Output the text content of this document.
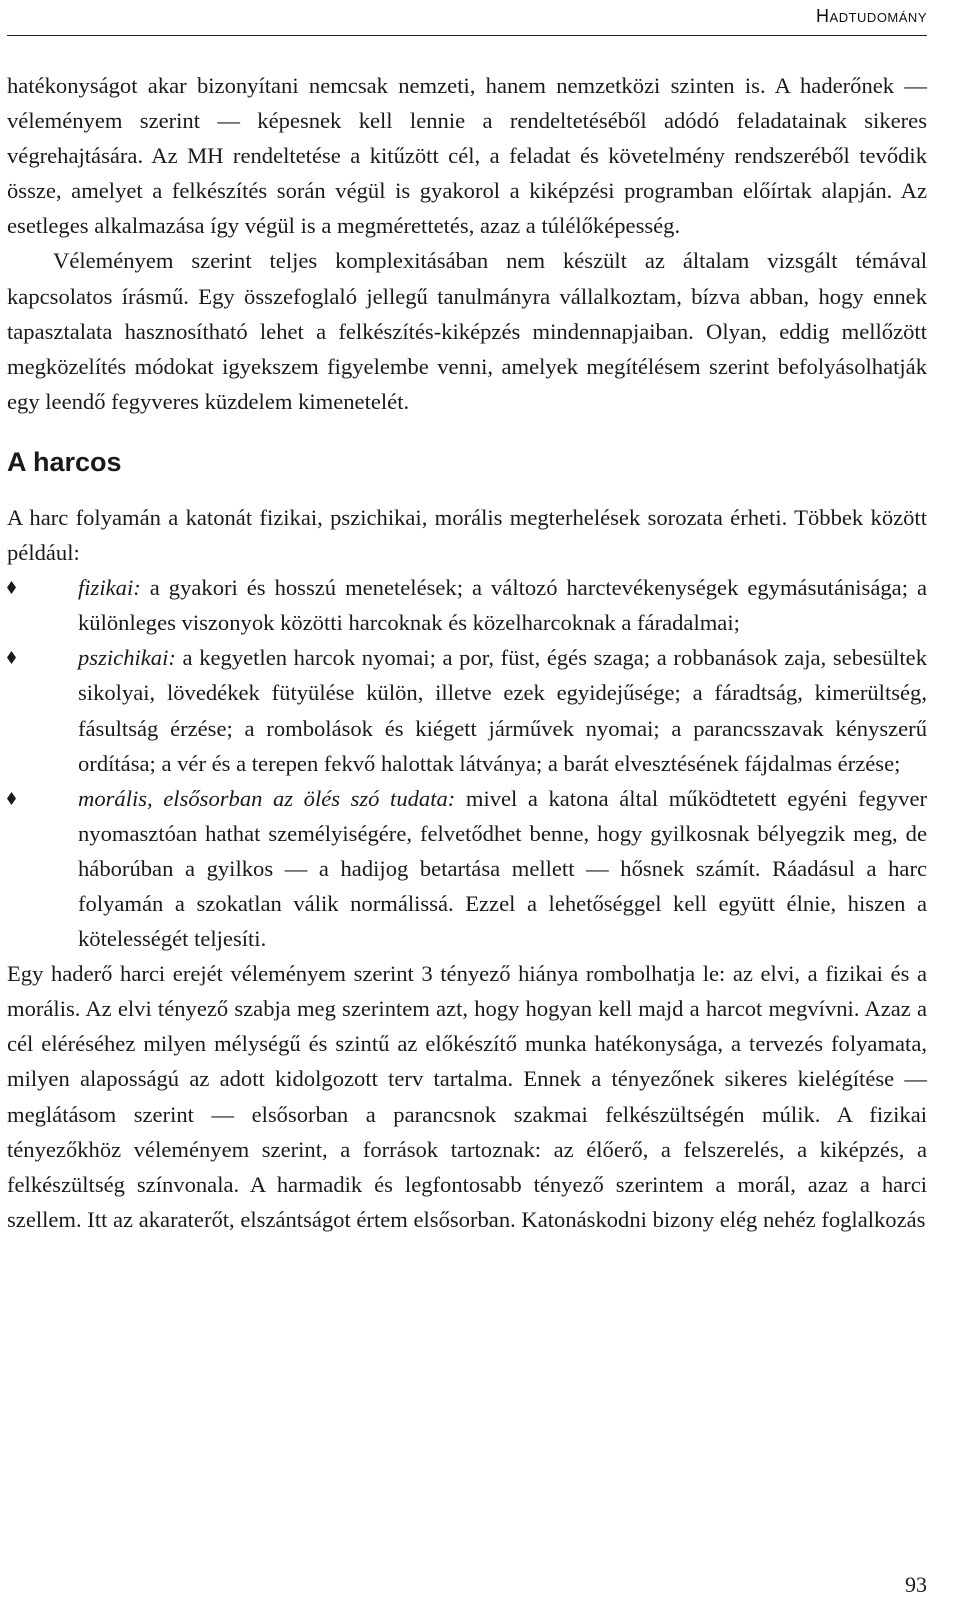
Hadtudomány

hatékonyságot akar bizonyítani nemcsak nemzeti, hanem nemzetközi szinten is. A haderőnek — véleményem szerint — képesnek kell lennie a rendeltetéséből adódó feladatainak sikeres végrehajtására. Az MH rendeltetése a kitűzött cél, a feladat és követelmény rendszeréből tevődik össze, amelyet a felkészítés során végül is gyakorol a kiképzési programban előírtak alapján. Az esetleges alkalmazása így végül is a megmérettetés, azaz a túlélőképesség.

Véleményem szerint teljes komplexitásában nem készült az általam vizsgált témával kapcsolatos írásmű. Egy összefoglaló jellegű tanulmányra vállalkoztam, bízva abban, hogy ennek tapasztalata hasznosítható lehet a felkészítés-kiképzés mindennapjaiban. Olyan, eddig mellőzött megközelítés módokat igyekszem figyelembe venni, amelyek megítélésem szerint befolyásolhatják egy leendő fegyveres küzdelem kimenetelét.

A harcos

A harc folyamán a katonát fizikai, pszichikai, morális megterhelések sorozata érheti. Többek között például:

fizikai: a gyakori és hosszú menetelések; a változó harctevékenységek egymásutánisága; a különleges viszonyok közötti harcoknak és közelharcoknak a fáradalmai;
pszichikai: a kegyetlen harcok nyomai; a por, füst, égés szaga; a robbanások zaja, sebesültek sikolyai, lövedékek fütyülése külön, illetve ezek egyidejűsége; a fáradtság, kimerültség, fásultság érzése; a rombolások és kiégett járművek nyomai; a parancsszavak kényszerű ordítása; a vér és a terepen fekvő halottak látványa; a barát elvesztésének fájdalmas érzése;
morális, elsősorban az ölés szó tudata: mivel a katona által működtetett egyéni fegyver nyomasztóan hathat személyiségére, felvetődhet benne, hogy gyilkosnak bélyegzik meg, de háborúban a gyilkos — a hadijog betartása mellett — hősnek számít. Ráadásul a harc folyamán a szokatlan válik normálissá. Ezzel a lehetőséggel kell együtt élnie, hiszen a kötelességét teljesíti.

Egy haderő harci erejét véleményem szerint 3 tényező hiánya rombolhatja le: az elvi, a fizikai és a morális. Az elvi tényező szabja meg szerintem azt, hogy hogyan kell majd a harcot megvívni. Azaz a cél eléréséhez milyen mélységű és szintű az előkészítő munka hatékonysága, a tervezés folyamata, milyen alaposságú az adott kidolgozott terv tartalma. Ennek a tényezőnek sikeres kielégítése — meglátásom szerint — elsősorban a parancsnok szakmai felkészültségén múlik. A fizikai tényezőkhöz véleményem szerint, a források tartoznak: az élőerő, a felszerelés, a kiképzés, a felkészültség színvonala. A harmadik és legfontosabb tényező szerintem a morál, azaz a harci szellem. Itt az akaraterőt, elszántságot értem elsősorban. Katonáskodni bizony elég nehéz foglalkozás

93
